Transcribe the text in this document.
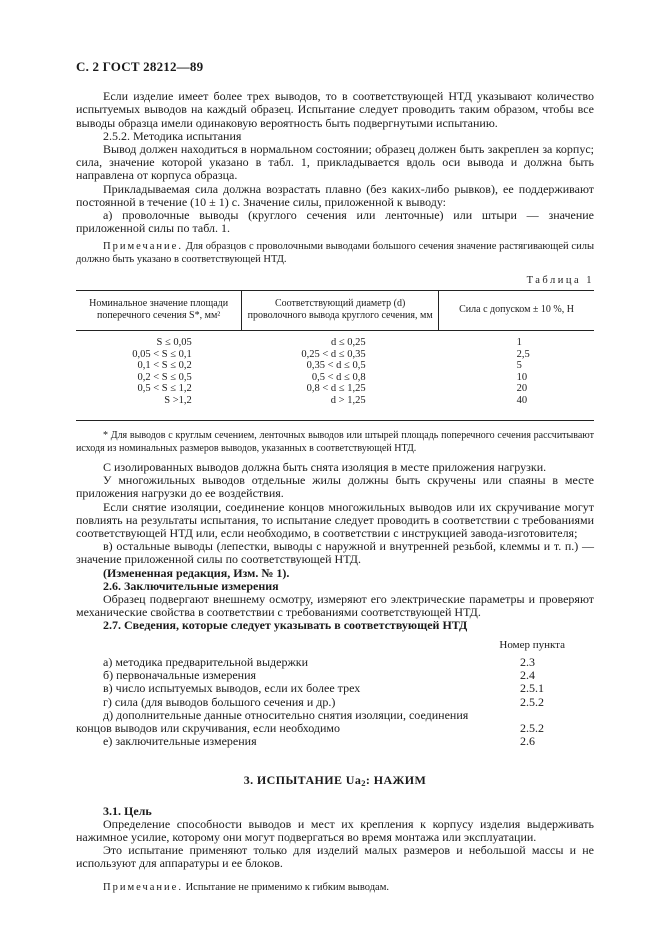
С. 2 ГОСТ 28212—89

Если изделие имеет более трех выводов, то в соответствующей НТД указывают количество испытуемых выводов на каждый образец. Испытание следует проводить таким образом, чтобы все выводы образца имели одинаковую вероятность быть подвергнутыми испытанию.

2.5.2. Методика испытания

Вывод должен находиться в нормальном состоянии; образец должен быть закреплен за корпус; сила, значение которой указано в табл. 1, прикладывается вдоль оси вывода и должна быть направлена от корпуса образца.

Прикладываемая сила должна возрастать плавно (без каких-либо рывков), ее поддерживают постоянной в течение (10 ± 1) с. Значение силы, приложенной к выводу:

а) проволочные выводы (круглого сечения или ленточные) или штыри — значение приложенной силы по табл. 1.

Примечание. Для образцов с проволочными выводами большого сечения значение растягивающей силы должно быть указано в соответствующей НТД.

Таблица 1
Номинальное значение площади поперечного сечения S*, мм²	Соответствующий диаметр (d) проволочного вывода круглого сечения, мм	Сила с допуском ± 10 %, Н
S ≤ 0,05	d ≤ 0,25	1
0,05 < S ≤ 0,1	0,25 < d ≤ 0,35	2,5
0,1 < S ≤ 0,2	0,35 < d ≤ 0,5	5
0,2 < S ≤ 0,5	0,5 < d ≤ 0,8	10
0,5 < S ≤ 1,2	0,8 < d ≤ 1,25	20
S >1,2	d > 1,25	40

* Для выводов с круглым сечением, ленточных выводов или штырей площадь поперечного сечения рассчитывают исходя из номинальных размеров выводов, указанных в соответствующей НТД.

С изолированных выводов должна быть снята изоляция в месте приложения нагрузки.

У многожильных выводов отдельные жилы должны быть скручены или спаяны в месте приложения нагрузки до ее воздействия.

Если снятие изоляции, соединение концов многожильных выводов или их скручивание могут повлиять на результаты испытания, то испытание следует проводить в соответствии с требованиями соответствующей НТД или, если необходимо, в соответствии с инструкцией завода-изготовителя;

в) остальные выводы (лепестки, выводы с наружной и внутренней резьбой, клеммы и т. п.) — значение приложенной силы по соответствующей НТД.

(Измененная редакция, Изм. № 1).

2.6. Заключительные измерения

Образец подвергают внешнему осмотру, измеряют его электрические параметры и проверяют механические свойства в соответствии с требованиями соответствующей НТД.

2.7. Сведения, которые следует указывать в соответствующей НТД

Номер пункта
а) методика предварительной выдержки	2.3
б) первоначальные измерения	2.4
в) число испытуемых выводов, если их более трех	2.5.1
г) сила (для выводов большого сечения и др.)	2.5.2
д) дополнительные данные относительно снятия изоляции, соединения
концов выводов или скручивания, если необходимо	2.5.2
е) заключительные измерения	2.6
3. ИСПЫТАНИЕ $Ua_2$: НАЖИМ

3.1. Цель

Определение способности выводов и мест их крепления к корпусу изделия выдерживать нажимное усилие, которому они могут подвергаться во время монтажа или эксплуатации.

Это испытание применяют только для изделий малых размеров и небольшой массы и не используют для аппаратуры и ее блоков.

Примечание. Испытание не применимо к гибким выводам.
